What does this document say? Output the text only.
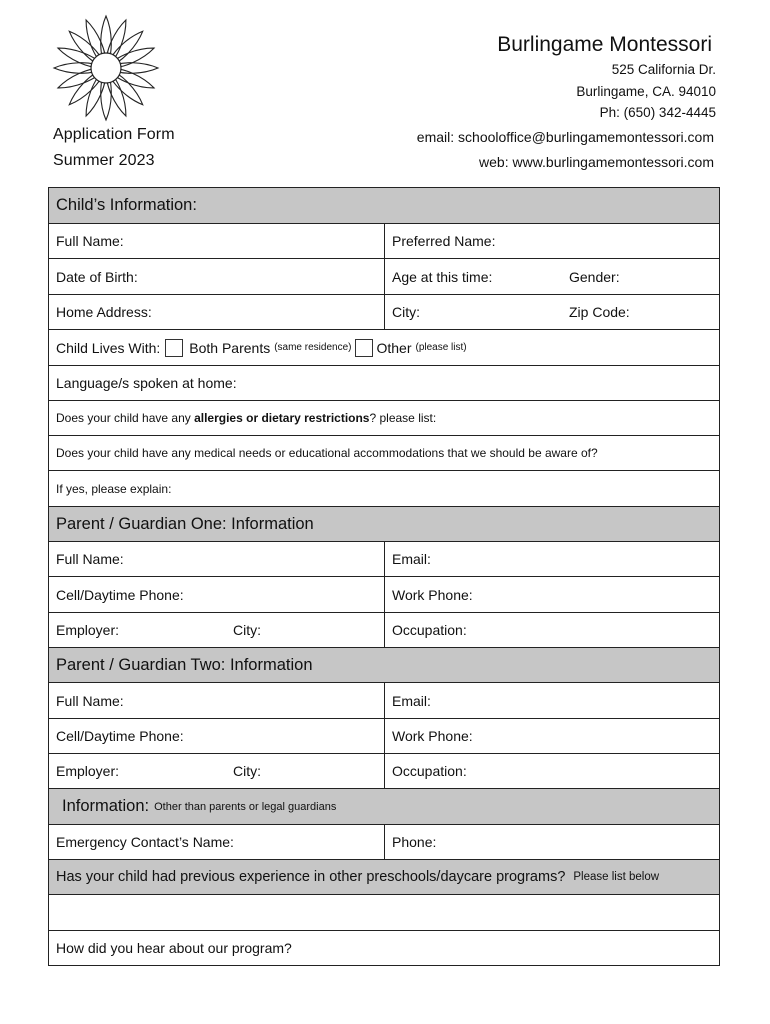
Application Form
Summer 2023
Burlingame Montessori
525 California Dr.
Burlingame, CA. 94010
Ph: (650) 342-4445
email: schooloffice@burlingamemontessori.com
web: www.burlingamemontessori.com
Child’s Information:
Full Name:	Preferred Name:
Date of Birth:	Age at this time:	Gender:
Home Address:	City:	Zip Code:
Child Lives With: Both Parents (same residence) Other (please list)
Language/s spoken at home:
Does your child have any allergies or dietary restrictions? please list:
Does your child have any medical needs or educational accommodations that we should be aware of?
If yes, please explain:
Parent / Guardian One: Information
Full Name:	Email:
Cell/Daytime Phone:	Work Phone:
Employer:	City:	Occupation:
Parent / Guardian Two: Information
Full Name:	Email:
Cell/Daytime Phone:	Work Phone:
Employer:	City:	Occupation:
Information: Other than parents or legal guardians
Emergency Contact’s Name:	Phone:
Has your child had previous experience in other preschools/daycare programs? Please list below
How did you hear about our program?
